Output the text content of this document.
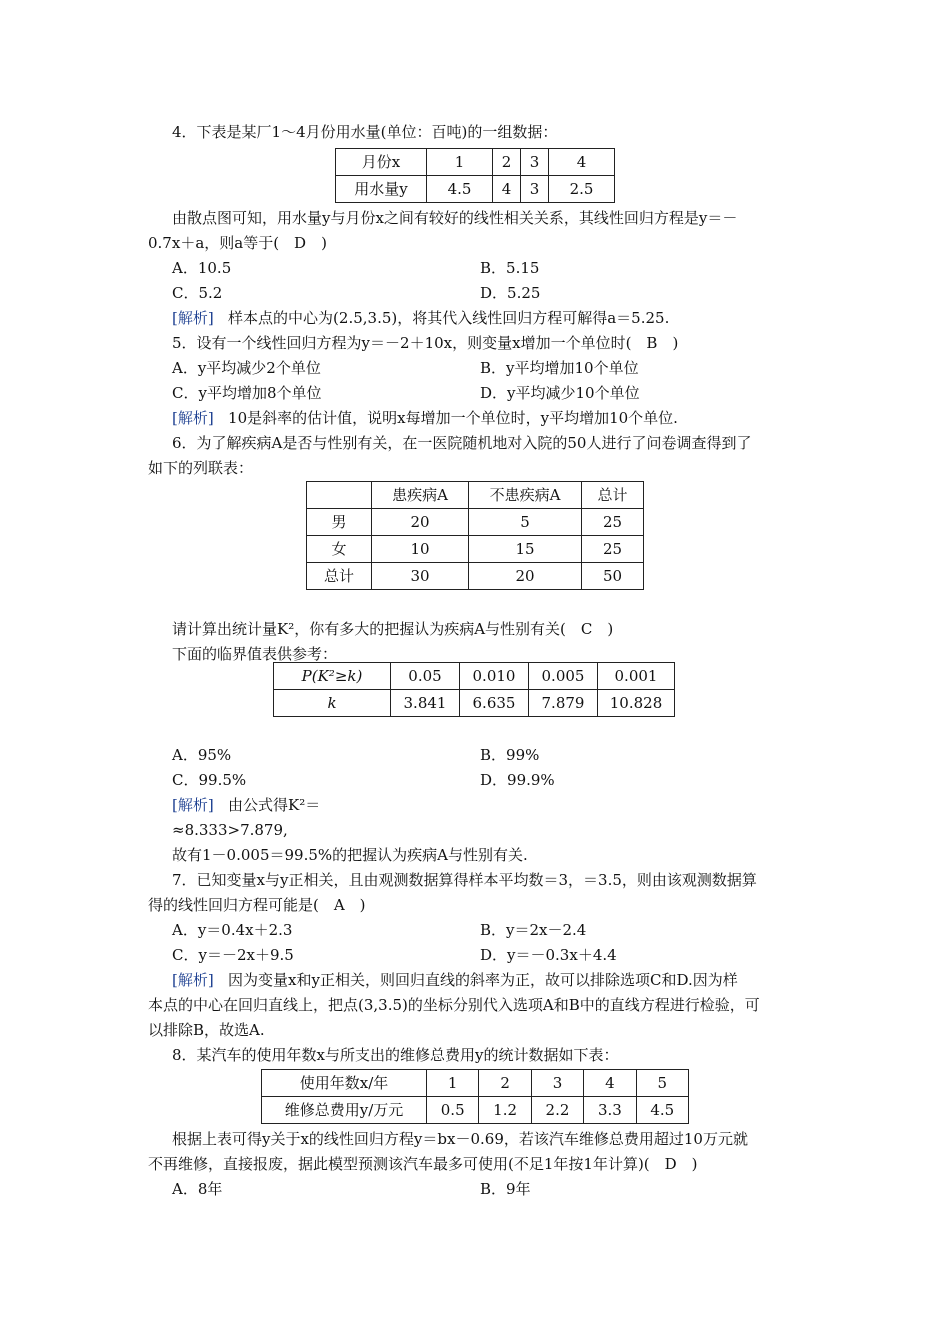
4．下表是某厂1～4月份用水量(单位：百吨)的一组数据：
月份x	1	2	3	4
用水量y	4.5	4	3	2.5
由散点图可知，用水量y与月份x之间有较好的线性相关关系，其线性回归方程是y＝－
0.7x＋a，则a等于(　D　)
A．10.5	B．5.15
C．5.2	D．5.25
[ 解析 ] 样本点的中心为(2.5,3.5)，将其代入线性回归方程可解得a＝5.25.
5．设有一个线性回归方程为y＝－2＋10x，则变量x增加一个单位时(　B　)
A．y平均减少2个单位	B．y平均增加10个单位
C．y平均增加8个单位	D．y平均减少10个单位
[ 解析 ] 10是斜率的估计值，说明x每增加一个单位时，y平均增加10个单位.
6．为了解疾病A是否与性别有关，在一医院随机地对入院的50人进行了问卷调查得到了
如下的列联表：
	患疾病A	不患疾病A	总计
男	20	5	25
女	10	15	25
总计	30	20	50
请计算出统计量K²，你有多大的把握认为疾病A与性别有关(　C　)
下面的临界值表供参考：
P(K²≥k)	0.05	0.010	0.005	0.001
k	3.841	6.635	7.879	10.828
A．95%	B．99%
C．99.5%	D．99.9%
[ 解析 ] 由公式得K²＝
≈8.333>7.879,
故有1－0.005＝99.5%的把握认为疾病A与性别有关.
7．已知变量x与y正相关，且由观测数据算得样本平均数＝3，＝3.5，则由该观测数据算
得的线性回归方程可能是(　A　)
A．y＝0.4x＋2.3	B．y＝2x－2.4
C．y＝－2x＋9.5	D．y＝－0.3x＋4.4
[ 解析 ] 因为变量x和y正相关，则回归直线的斜率为正，故可以排除选项C和D.因为样
本点的中心在回归直线上，把点(3,3.5)的坐标分别代入选项A和B中的直线方程进行检验，可
以排除B，故选A.
8．某汽车的使用年数x与所支出的维修总费用y的统计数据如下表：
使用年数x/年	1	2	3	4	5
维修总费用y/万元	0.5	1.2	2.2	3.3	4.5
根据上表可得y关于x的线性回归方程y＝bx－0.69，若该汽车维修总费用超过10万元就
不再维修，直接报废，据此模型预测该汽车最多可使用(不足1年按1年计算)(　D　)
A．8年	B．9年
